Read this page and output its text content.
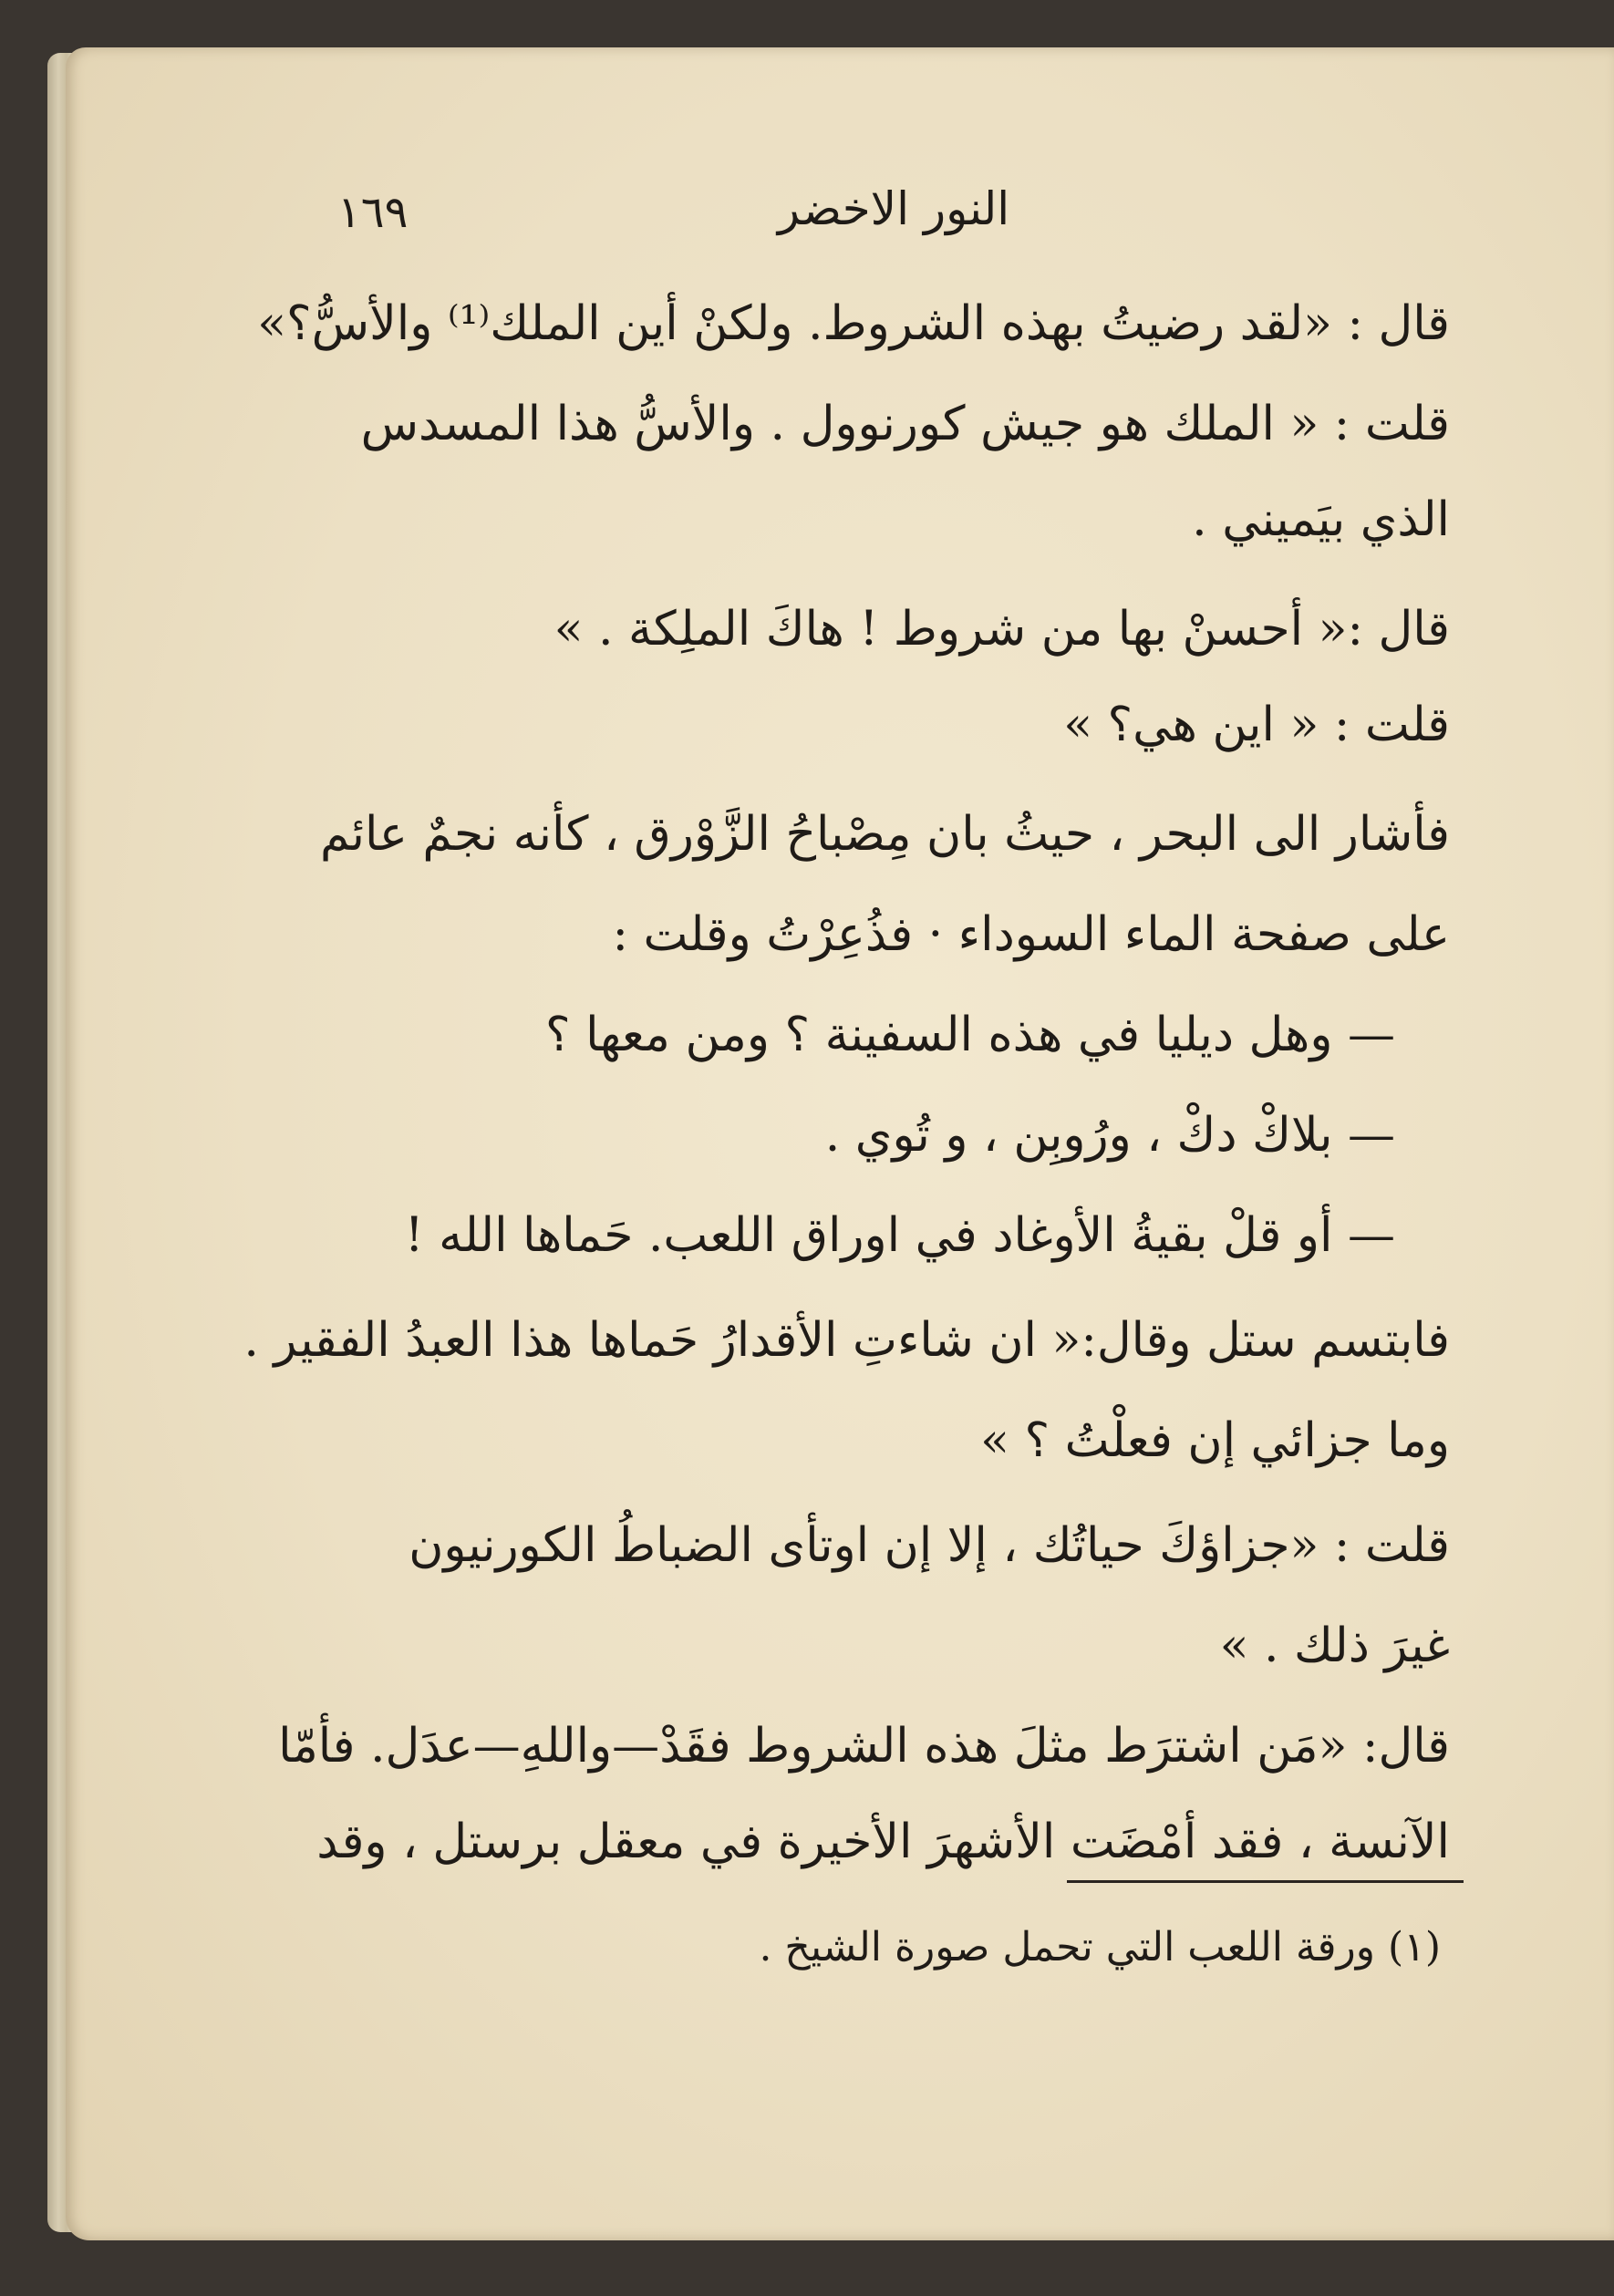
النور الاخضر
١٦٩
قال : «لقد رضيتُ بهذه الشروط. ولكنْ أين الملك⁽¹⁾ والأسُّ؟»
قلت : « الملك هو جيش كورنوول . والأسُّ هذا المسدس
الذي بيَميني .
قال :« أحسنْ بها من شروط ! هاكَ الملِكة . »
قلت : « اين هي؟ »
فأشار الى البحر ، حيثُ بان مِصْباحُ الزَّوْرق ، كأنه نجمٌ عائم
على صفحة الماء السوداء · فذُعِرْتُ وقلت :
— وهل ديليا في هذه السفينة ؟ ومن معها ؟
— بلاكْ دكْ ، ورُوبِن ، و تُوي .
— أو قلْ بقيةُ الأوغاد في اوراق اللعب. حَماها الله !
فابتسم ستل وقال:« ان شاءتِ الأقدارُ حَماها هذا العبدُ الفقير .
وما جزائي إن فعلْتُ ؟ »
قلت : «جزاؤكَ حياتُك ، إلا إن اوتأى الضباطُ الكورنيون
غيرَ ذلك . »
قال: «مَن اشترَط مثلَ هذه الشروط فقَدْ—واللهِ—عدَل. فأمّا
الآنسة ، فقد أمْضَت الأشهرَ الأخيرة في معقل برستل ، وقد
(١) ورقة اللعب التي تحمل صورة الشيخ .
